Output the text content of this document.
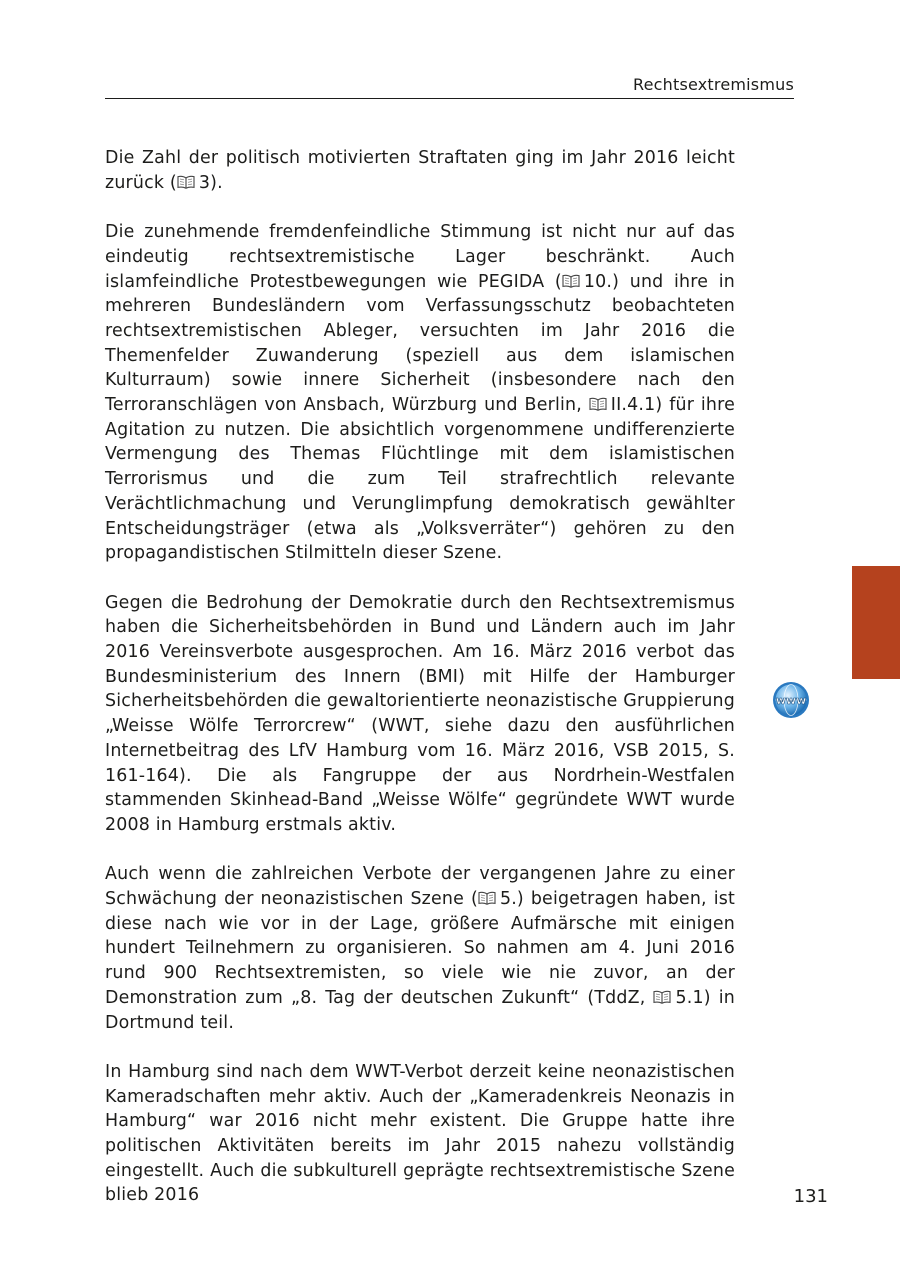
Rechtsextremismus

Die Zahl der politisch motivierten Straftaten ging im Jahr 2016 leicht zurück ( 3).

Die zunehmende fremdenfeindliche Stimmung ist nicht nur auf das eindeutig rechtsextremistische Lager beschränkt. Auch islamfeindliche Protestbewegungen wie PEGIDA ( 10.) und ihre in mehreren Bundesländern vom Verfassungsschutz beobachteten rechtsextremistischen Ableger, versuchten im Jahr 2016 die Themenfelder Zuwanderung (speziell aus dem islamischen Kulturraum) sowie innere Sicherheit (insbesondere nach den Terroranschlägen von Ansbach, Würzburg und Berlin, II.4.1) für ihre Agitation zu nutzen. Die absichtlich vorgenommene undifferenzierte Vermengung des Themas Flüchtlinge mit dem islamistischen Terrorismus und die zum Teil strafrechtlich relevante Verächtlichmachung und Verunglimpfung demokratisch gewählter Entscheidungsträger (etwa als „Volksverräter“) gehören zu den propagandistischen Stilmitteln dieser Szene.

Gegen die Bedrohung der Demokratie durch den Rechtsextremismus haben die Sicherheitsbehörden in Bund und Ländern auch im Jahr 2016 Vereinsverbote ausgesprochen. Am 16. März 2016 verbot das Bundesministerium des Innern (BMI) mit Hilfe der Hamburger Sicherheitsbehörden die gewaltorientierte neonazistische Gruppierung „Weisse Wölfe Terrorcrew“ (WWT, siehe dazu den ausführlichen Internetbeitrag des LfV Hamburg vom 16. März 2016, VSB 2015, S. 161-164). Die als Fangruppe der aus Nordrhein-Westfalen stammenden Skinhead-Band „Weisse Wölfe“ gegründete WWT wurde 2008 in Hamburg erstmals aktiv.

Auch wenn die zahlreichen Verbote der vergangenen Jahre zu einer Schwächung der neonazistischen Szene ( 5.) beigetragen haben, ist diese nach wie vor in der Lage, größere Aufmärsche mit einigen hundert Teilnehmern zu organisieren. So nahmen am 4. Juni 2016 rund 900 Rechtsextremisten, so viele wie nie zuvor, an der Demonstration zum „8. Tag der deutschen Zukunft“ (TddZ, 5.1) in Dortmund teil.

In Hamburg sind nach dem WWT-Verbot derzeit keine neonazistischen Kameradschaften mehr aktiv. Auch der „Kameradenkreis Neonazis in Hamburg“ war 2016 nicht mehr existent. Die Gruppe hatte ihre politischen Aktivitäten bereits im Jahr 2015 nahezu vollständig eingestellt. Auch die subkulturell geprägte rechtsextremistische Szene blieb 2016

www
131
